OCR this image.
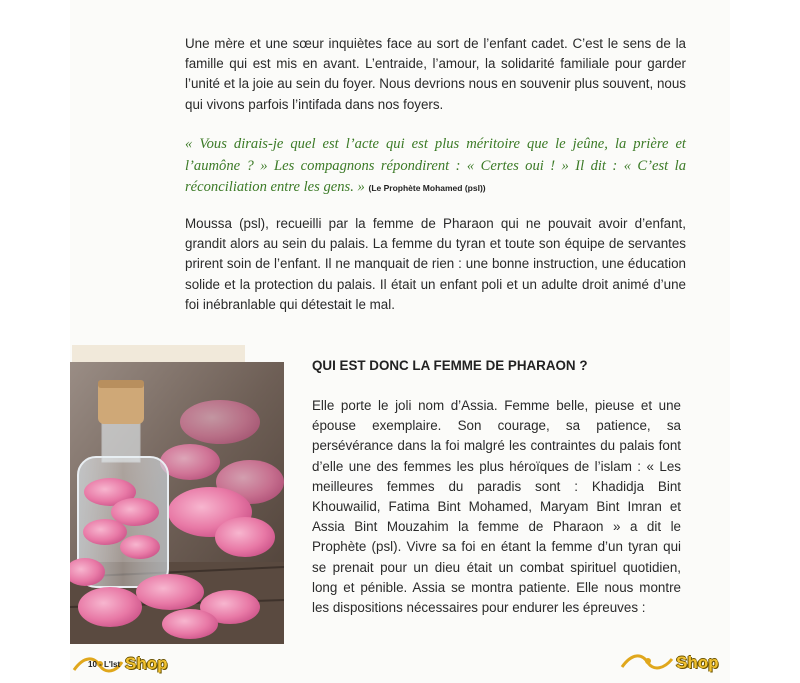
Une mère et une sœur inquiètes face au sort de l’enfant cadet. C’est le sens de la famille qui est mis en avant. L’entraide, l’amour, la solidarité familiale pour garder l’unité et la joie au sein du foyer. Nous devrions nous en souvenir plus souvent, nous qui vivons parfois l’intifada dans nos foyers.
« Vous dirais-je quel est l’acte qui est plus méritoire que le jeûne, la prière et l’aumône ? » Les compagnons répondirent : « Certes oui ! » Il dit : « C’est la réconciliation entre les gens. » (Le Prophète Mohamed (psl))
Moussa (psl), recueilli par la femme de Pharaon qui ne pouvait avoir d’enfant, grandit alors au sein du palais. La femme du tyran et toute son équipe de servantes prirent soin de l’enfant. Il ne manquait de rien : une bonne instruction, une éducation solide et la protection du palais. Il était un enfant poli et un adulte droit animé d’une foi inébranlable qui détestait le mal.
QUI EST DONC LA FEMME DE PHARAON ?
Elle porte le joli nom d’Assia. Femme belle, pieuse et une épouse exemplaire. Son courage, sa patience, sa persévérance dans la foi malgré les contraintes du palais font d’elle une des femmes les plus héroïques de l’islam : « Les meilleures femmes du paradis sont : Khadidja Bint Khouwailid, Fatima Bint Mohamed, Maryam Bint Imran et Assia Bint Mouzahim la femme de Pharaon » a dit le Prophète (psl). Vivre sa foi en étant la femme d’un tyran qui se prenait pour un dieu était un combat spirituel quotidien, long et pénible. Assia se montra patiente. Elle nous montre les dispositions nécessaires pour endurer les épreuves :
Shop
10 - L'Ist	Shop
